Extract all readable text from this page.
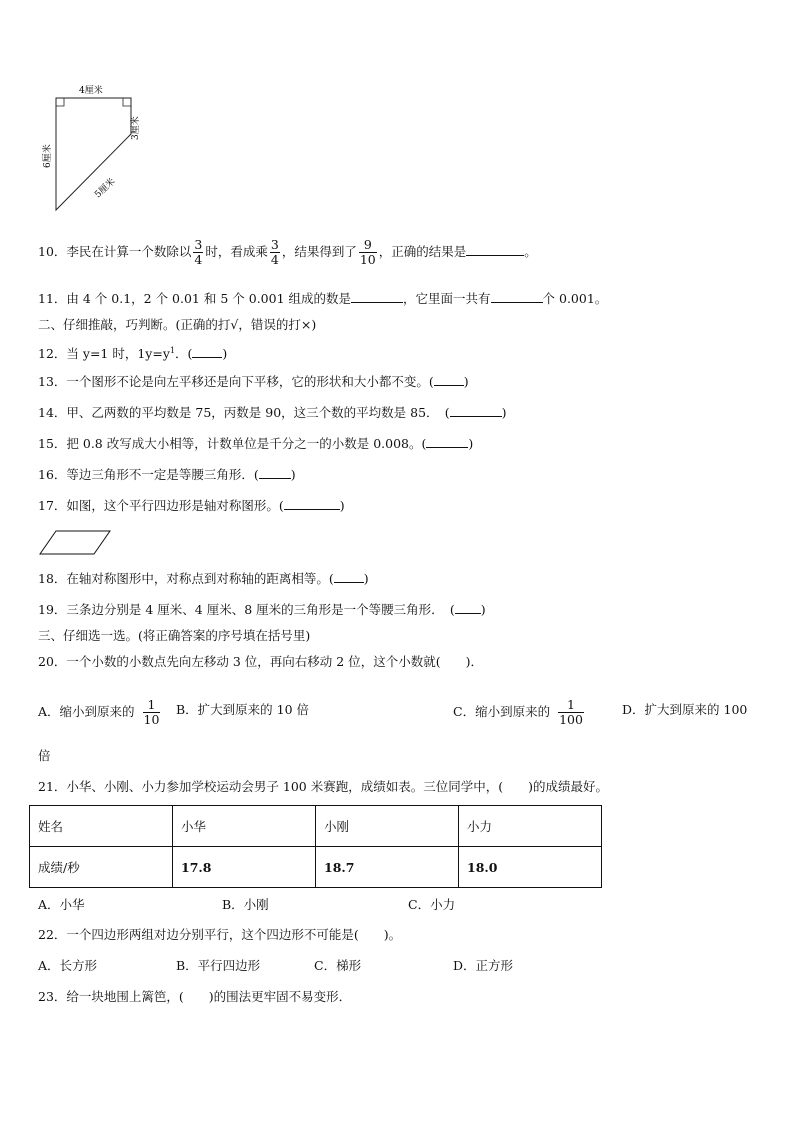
4厘米
3厘米
6厘米
5厘米
10．李民在计算一个数除以 $\frac{3}{4}$ 时，看成乘 $\frac{3}{4}$ ，结果得到了 $\frac{9}{10}$ ，正确的结果是	。
11．由 4 个 0.1，2 个 0.01 和 5 个 0.001 组成的数是	，它里面一共有	个 0.001。
二、仔细推敲，巧判断。(正确的打√，错误的打×)
12．当 y=1 时，$1y=y^1$．( )
13．一个图形不论是向左平移还是向下平移，它的形状和大小都不变。( )
14．甲、乙两数的平均数是 75，丙数是 90，这三个数的平均数是 85．　(	)
15．把 0.8 改写成大小相等，计数单位是千分之一的小数是 0.008。(	)
16．等边三角形不一定是等腰三角形．(	)
17．如图，这个平行四边形是轴对称图形。(	)
18．在轴对称图形中，对称点到对称轴的距离相等。( )
19．三条边分别是 4 厘米、4 厘米、8 厘米的三角形是一个等腰三角形．　( )
三、仔细选一选。(将正确答案的序号填在括号里)
20．一个小数的小数点先向左移动 3 位，再向右移动 2 位，这个小数就(　　)．
A．缩小到原来的 $\frac{1}{10}$ B．扩大到原来的 10 倍	C．缩小到原来的 $\frac{1}{100}$	D．扩大到原来的 100
倍
21．小华、小刚、小力参加学校运动会男子 100 米赛跑，成绩如表。三位同学中，(　　)的成绩最好。
姓名	小华	小刚	小力
成绩/秒	17.8	18.7	18.0
A．小华	B．小刚	C．小力
22．一个四边形两组对边分别平行，这个四边形不可能是(　　)。
A．长方形	B．平行四边形	C．梯形	D．正方形
23．给一块地围上篱笆，(　　)的围法更牢固不易变形．
